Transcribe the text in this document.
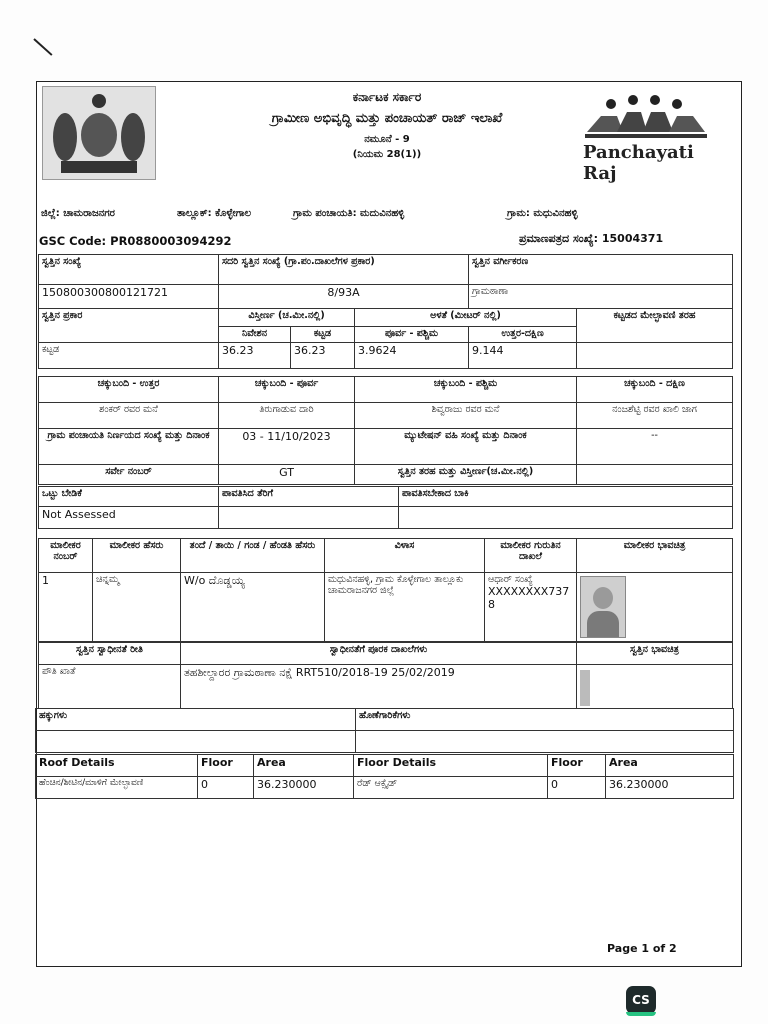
ಕರ್ನಾಟಕ ಸರ್ಕಾರ
ಗ್ರಾಮೀಣ ಅಭಿವೃದ್ಧಿ ಮತ್ತು ಪಂಚಾಯತ್ ರಾಜ್ ಇಲಾಖೆ
ನಮೂನೆ - 9
(ನಿಯಮ 28(1))	Panchayati Raj
ಜಿಲ್ಲೆ: ಚಾಮರಾಜನಗರ	ತಾಲ್ಲೂಕ್: ಕೊಳ್ಳೇಗಾಲ	ಗ್ರಾಮ ಪಂಚಾಯತಿ: ಮದುವಿನಹಳ್ಳಿ	ಗ್ರಾಮ: ಮಧುವಿನಹಳ್ಳಿ
GSC Code: PR0880003094292	ಪ್ರಮಾಣಪತ್ರದ ಸಂಖ್ಯೆ: 15004371
ಸ್ವತ್ತಿನ ಸಂಖ್ಯೆ	ಸದರಿ ಸ್ವತ್ತಿನ ಸಂಖ್ಯೆ (ಗ್ರಾ.ಪಂ.ದಾಖಲೆಗಳ ಪ್ರಕಾರ)			ಸ್ವತ್ತಿನ ವರ್ಗೀಕರಣ	
150800300800121721	8/93A			ಗ್ರಾಮಠಾಣಾ	
ಸ್ವತ್ತಿನ ಪ್ರಕಾರ	ವಿಸ್ತೀರ್ಣ (ಚ.ಮೀ.ನಲ್ಲಿ)		ಅಳತೆ (ಮೀಟರ್ ನಲ್ಲಿ)		ಕಟ್ಟಡದ ಮೇಲ್ಛಾವಣಿ ತರಹ
	ನಿವೇಶನ	ಕಟ್ಟಡ	ಪೂರ್ವ - ಪಶ್ಚಿಮ	ಉತ್ತರ-ದಕ್ಷಿಣ	
ಕಟ್ಟಡ	36.23	36.23	3.9624	9.144	
ಚಕ್ಕುಬಂದಿ - ಉತ್ತರ	ಚಕ್ಕುಬಂದಿ - ಪೂರ್ವ	ಚಕ್ಕುಬಂದಿ - ಪಶ್ಚಿಮ	ಚಕ್ಕುಬಂದಿ - ದಕ್ಷಿಣ
ಶಂಕರ್ ರವರ ಮನೆ	ತಿರುಗಾಡುವ ದಾರಿ	ಶಿವ್ವರಾಜು ರವರ ಮನೆ	ನಂಜಶೆಟ್ಟಿ ರವರ ಖಾಲಿ ಜಾಗ
ಗ್ರಾಮ ಪಂಚಾಯತಿ ನಿರ್ಣಯದ ಸಂಖ್ಯೆ ಮತ್ತು ದಿನಾಂಕ	03 - 11/10/2023	ಮ್ಯುಟೇಷನ್ ವಹಿ ಸಂಖ್ಯೆ ಮತ್ತು ದಿನಾಂಕ	--
ಸರ್ವೇ ನಂಬರ್	GT	ಸ್ವತ್ತಿನ ತರಹ ಮತ್ತು ವಿಸ್ತೀರ್ಣ(ಚ.ಮೀ.ನಲ್ಲಿ)	
ಒಟ್ಟು ಬೇಡಿಕೆ	ಪಾವತಿಸಿದ ತೆರಿಗೆ	ಪಾವತಿಸಬೇಕಾದ ಬಾಕಿ
Not Assessed		
ಮಾಲೀಕರ ನಂಬರ್	ಮಾಲೀಕರ ಹೆಸರು	ತಂದೆ / ತಾಯಿ / ಗಂಡ / ಹೆಂಡತಿ ಹೆಸರು	ವಿಳಾಸ	ಮಾಲೀಕರ ಗುರುತಿನ ದಾಖಲೆ	ಮಾಲೀಕರ ಭಾವಚಿತ್ರ
1	ಚಿನ್ನಮ್ಮ	W/o ದೊಡ್ಡಯ್ಯ	ಮಧುವಿನಹಳ್ಳಿ, ಗ್ರಾಮ ಕೊಳ್ಳೇಗಾಲ ತಾಲ್ಲೂಕು ಚಾಮರಾಜನಗರ ಜಿಲ್ಲೆ	ಆಧಾರ್ ಸಂಖ್ಯೆ
XXXXXXXX737 8	

ಸ್ವತ್ತಿನ ಸ್ವಾಧೀನತೆ ರೀತಿ	ಸ್ವಾಧೀನತೆಗೆ ಪೂರಕ ದಾಖಲೆಗಳು	ಸ್ವತ್ತಿನ ಭಾವಚಿತ್ರ
ಪೌತಿ ಖಾತೆ	ತಹಶೀಲ್ದಾರರ ಗ್ರಾಮಠಾಣಾ ನಕ್ಷೆ RRT510/2018-19 25/02/2019	
ಹಕ್ಕುಗಳು	ಹೊಣೆಗಾರಿಕೆಗಳು

Roof Details	Floor	Area	Floor Details	Floor	Area
ಹೆಂಚಿನ/ಶೀಟಿನ/ಮಾಳಿಗೆ ಮೇಲ್ಛಾವಣಿ	0	36.230000	ರೆಡ್ ಆಕ್ಸೈಡ್	0	36.230000
Page 1 of 2
CS
